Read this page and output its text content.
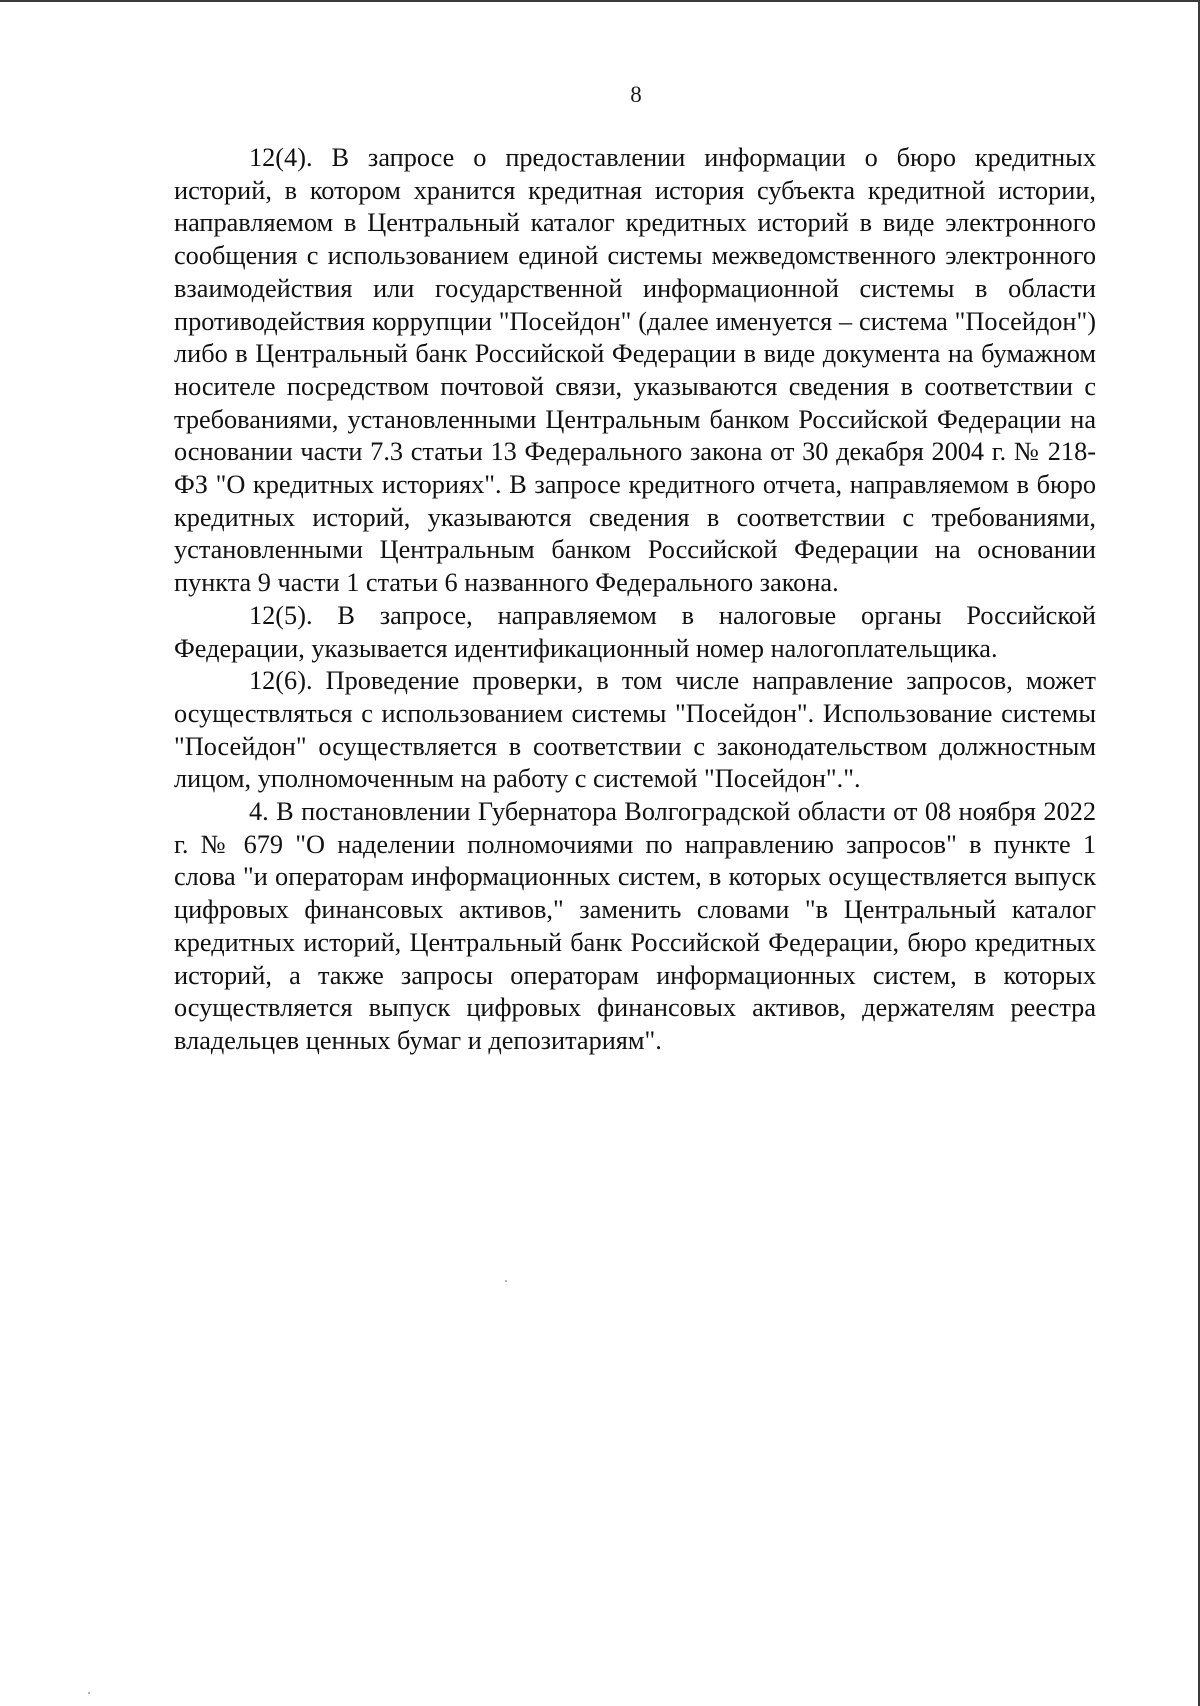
8

12(4). В запросе о предоставлении информации о бюро кредитных историй, в котором хранится кредитная история субъекта кредитной истории, направляемом в Центральный каталог кредитных историй в виде электронного сообщения с использованием единой системы межведомственного электронного взаимодействия или государственной информационной системы в области противодействия коррупции "Посейдон" (далее именуется – система "Посейдон") либо в Центральный банк Российской Федерации в виде документа на бумажном носителе посредством почтовой связи, указываются сведения в соответствии с требованиями, установленными Центральным банком Российской Федерации на основании части 7.3 статьи 13 Федерального закона от 30 декабря 2004 г. № 218-ФЗ "О кредитных историях". В запросе кредитного отчета, направляемом в бюро кредитных историй, указываются сведения в соответствии с требованиями, установленными Центральным банком Российской Федерации на основании пункта 9 части 1 статьи 6 названного Федерального закона.

12(5). В запросе, направляемом в налоговые органы Российской Федерации, указывается идентификационный номер налогоплательщика.

12(6). Проведение проверки, в том числе направление запросов, может осуществляться с использованием системы "Посейдон". Использование системы "Посейдон" осуществляется в соответствии с законодательством должностным лицом, уполномоченным на работу с системой "Посейдон".".

4. В постановлении Губернатора Волгоградской области от 08 ноября 2022 г. № 679 "О наделении полномочиями по направлению запросов" в пункте 1 слова "и операторам информационных систем, в которых осуществляется выпуск цифровых финансовых активов," заменить словами "в Центральный каталог кредитных историй, Центральный банк Российской Федерации, бюро кредитных историй, а также запросы операторам информационных систем, в которых осуществляется выпуск цифровых финансовых активов, держателям реестра владельцев ценных бумаг и депозитариям".
